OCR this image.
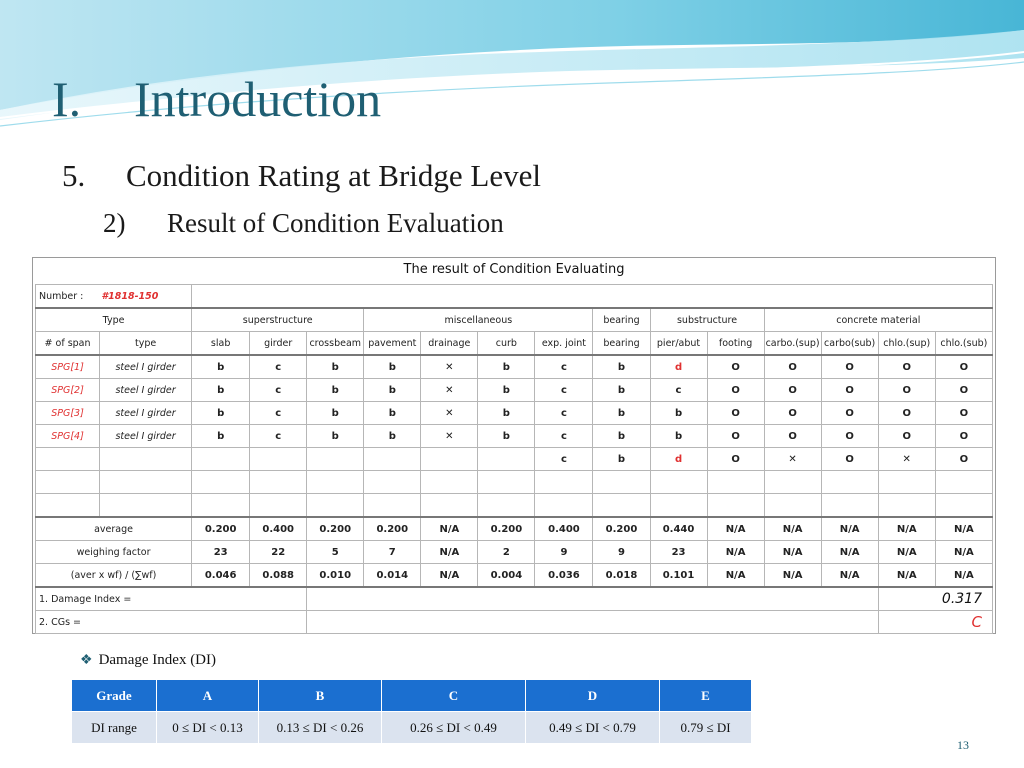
I. Introduction
5. Condition Rating at Bridge Level
2) Result of Condition Evaluation
The result of Condition Evaluating
Number : #1818-150															
Type		superstructure			miscellaneous				bearing	substructure		concrete material			
# of span	type	slab	girder	crossbeam	pavement	drainage	curb	exp. joint	bearing	pier/abut	footing	carbo.(sup)	carbo(sub)	chlo.(sup)	chlo.(sub)
SPG[1]	steel I girder	b	c	b	b	✕	b	c	b	d	O	O	O	O	O
SPG[2]	steel I girder	b	c	b	b	✕	b	c	b	c	O	O	O	O	O
SPG[3]	steel I girder	b	c	b	b	✕	b	c	b	b	O	O	O	O	O
SPG[4]	steel I girder	b	c	b	b	✕	b	c	b	b	O	O	O	O	O
								c	b	d	O	✕	O	✕	O

average		0.200	0.400	0.200	0.200	N/A	0.200	0.400	0.200	0.440	N/A	N/A	N/A	N/A	N/A
weighing factor		23	22	5	7	N/A	2	9	9	23	N/A	N/A	N/A	N/A	N/A
(aver x wf) / (∑wf)		0.046	0.088	0.010	0.014	N/A	0.004	0.036	0.018	0.101	N/A	N/A	N/A	N/A	N/A
1. Damage Index =														0.317	
2. CGs =														C	
❖ Damage Index (DI)
Grade	A	B	C	D	E
DI range	0 ≤ DI < 0.13	0.13 ≤ DI < 0.26	0.26 ≤ DI < 0.49	0.49 ≤ DI < 0.79	0.79 ≤ DI
13
